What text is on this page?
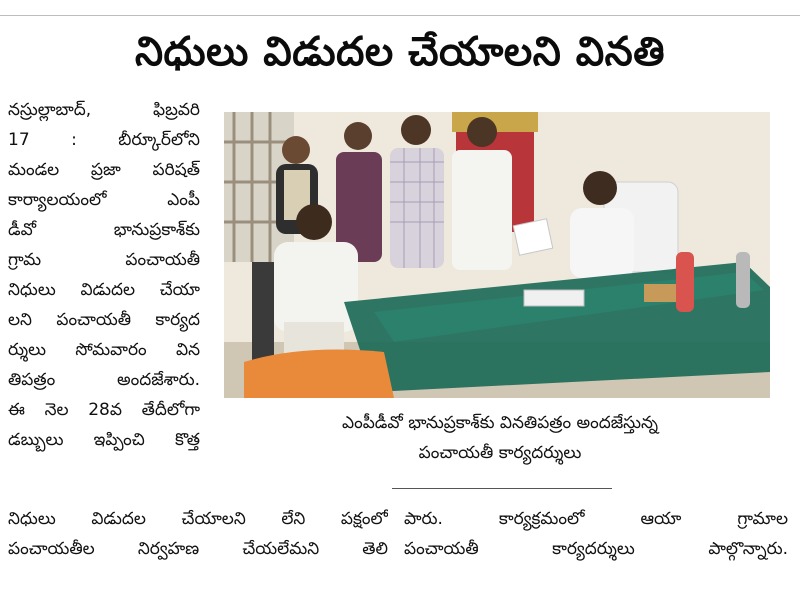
నిధులు విడుదల చేయాలని వినతి
నస్రుల్లాబాద్, ఫిబ్రవరి
17 : బీర్కూర్‌లోని
మండల ప్రజా పరిషత్
కార్యాలయంలో ఎంపీ
డీవో భానుప్రకాశ్‌కు
గ్రామ పంచాయతీ
నిధులు విడుదల చేయా
లని పంచాయతీ కార్యద
ర్శులు సోమవారం విన
తిపత్రం అందజేశారు.
ఈ నెల 28వ తేదీలోగా
డబ్బులు ఇప్పించి కొత్త
ఎంపీడీవో భానుప్రకాశ్‌కు వినతిపత్రం అందజేస్తున్న
పంచాయతీ కార్యదర్శులు
నిధులు విడుదల చేయాలని లేని పక్షంలో
పంచాయతీల నిర్వహణ చేయలేమని తెలి
పారు. కార్యక్రమంలో ఆయా గ్రామాల
పంచాయతీ కార్యదర్శులు పాల్గొన్నారు.
